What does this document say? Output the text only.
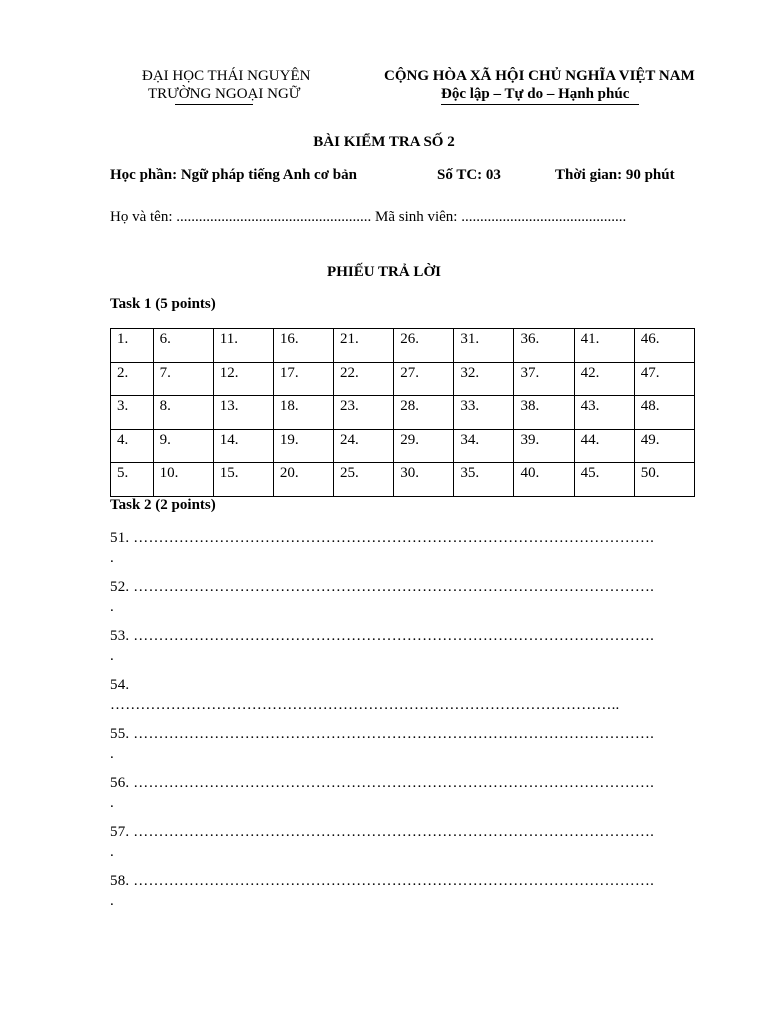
ĐẠI HỌC THÁI NGUYÊN
TRƯỜNG NGOẠI NGỮ
CỘNG HÒA XÃ HỘI CHỦ NGHĨA VIỆT NAM
Độc lập – Tự do – Hạnh phúc
BÀI KIỂM TRA SỐ 2
Học phần: Ngữ pháp tiếng Anh cơ bản	Số TC: 03	Thời gian: 90 phút
Họ và tên: .................................................... Mã sinh viên: ............................................
PHIẾU TRẢ LỜI
Task 1 (5 points)
1.	6.	11.	16.	21.	26.	31.	36.	41.	46.
2.	7.	12.	17.	22.	27.	32.	37.	42.	47.
3.	8.	13.	18.	23.	28.	33.	38.	43.	48.
4.	9.	14.	19.	24.	29.	34.	39.	44.	49.
5.	10.	15.	20.	25.	30.	35.	40.	45.	50.
Task 2 (2 points)
51. ………………………………………………………………………………………….
.
52. ………………………………………………………………………………………….
.
53. ………………………………………………………………………………………….
.
54.
………………………………………………………………………………………..
55. ………………………………………………………………………………………….
.
56. ………………………………………………………………………………………….
.
57. ………………………………………………………………………………………….
.
58. ………………………………………………………………………………………….
.
